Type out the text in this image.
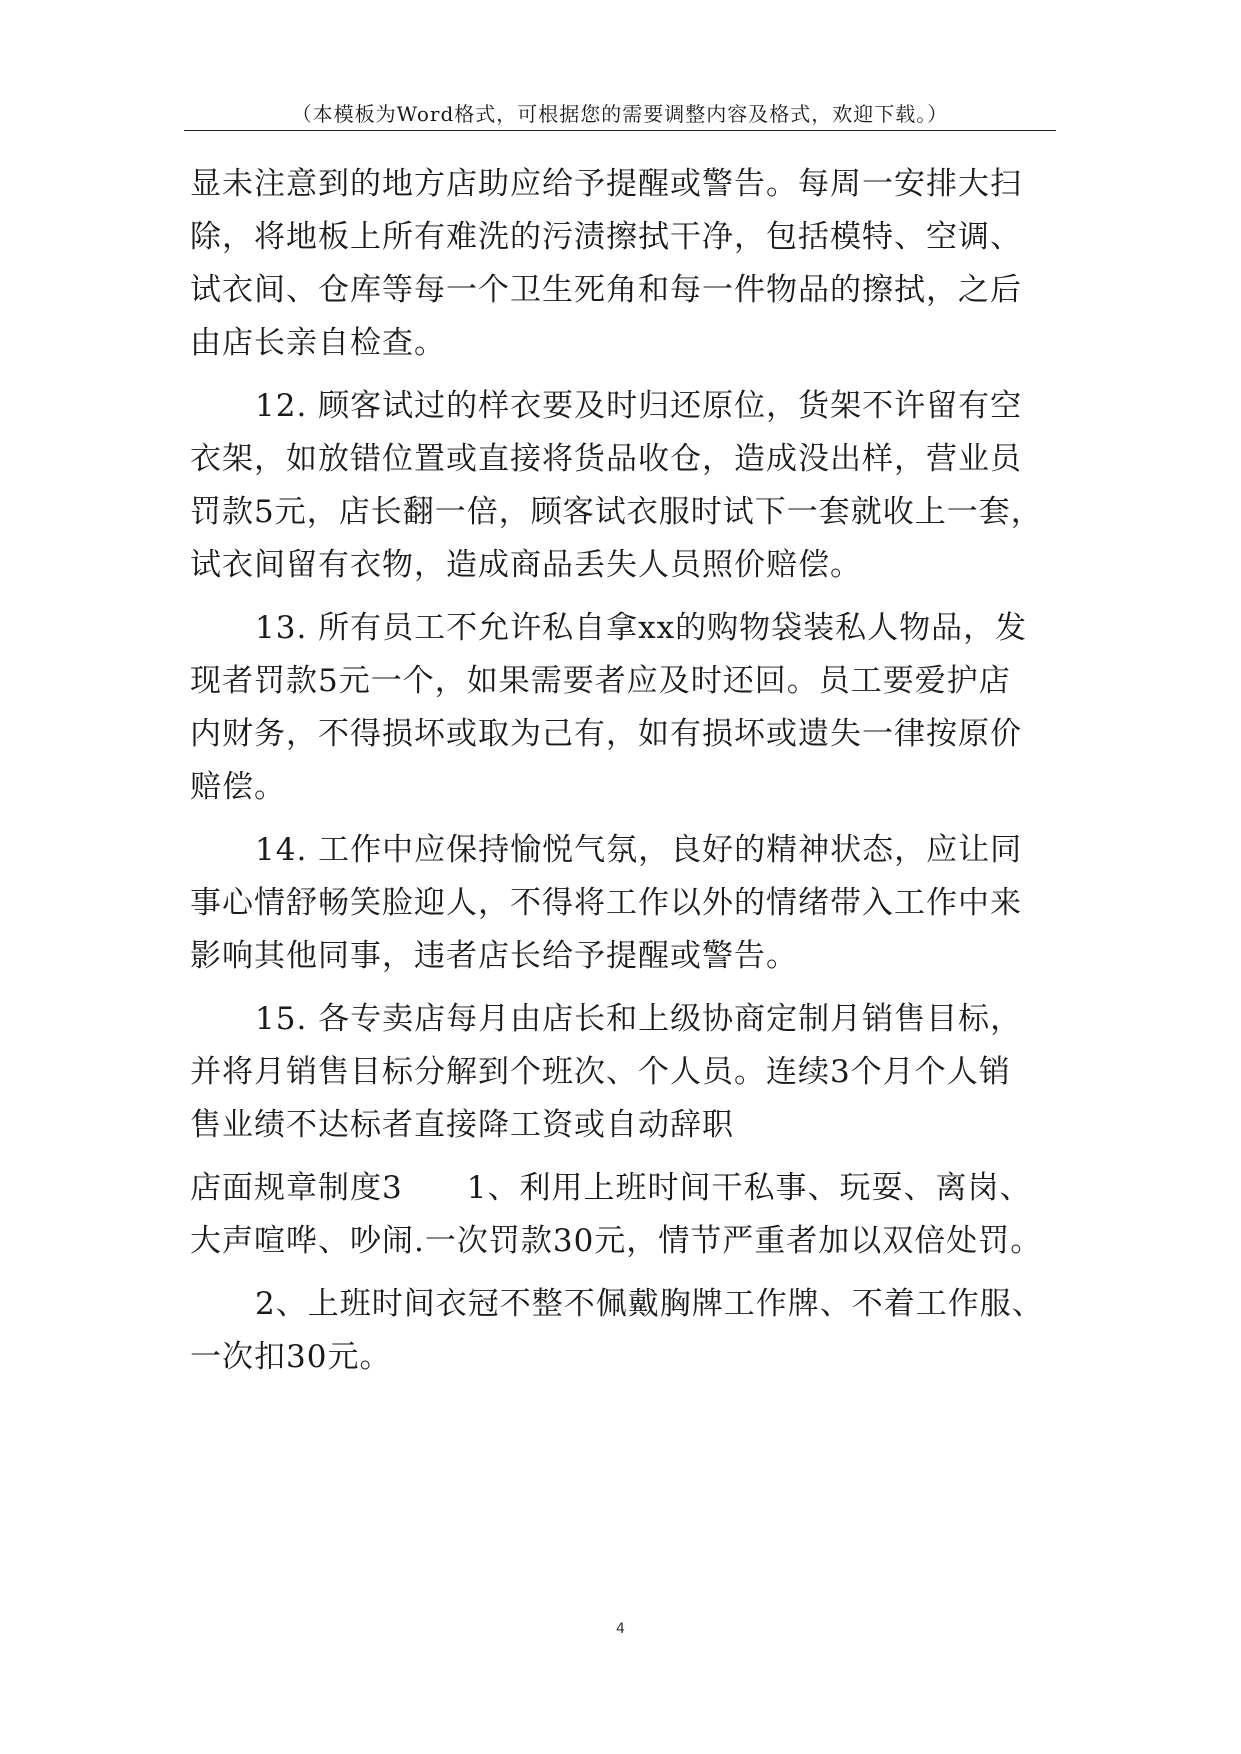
（本模板为Word格式，可根据您的需要调整内容及格式，欢迎下载。）
显未注意到的地方店助应给予提醒或警告。每周一安排大扫
除，将地板上所有难洗的污渍擦拭干净，包括模特、空调、
试衣间、仓库等每一个卫生死角和每一件物品的擦拭，之后
由店长亲自检查。
12. 顾客试过的样衣要及时归还原位，货架不许留有空
衣架，如放错位置或直接将货品收仓，造成没出样，营业员
罚款5元，店长翻一倍，顾客试衣服时试下一套就收上一套，
试衣间留有衣物，造成商品丢失人员照价赔偿。
13. 所有员工不允许私自拿xx的购物袋装私人物品，发
现者罚款5元一个，如果需要者应及时还回。员工要爱护店
内财务，不得损坏或取为己有，如有损坏或遗失一律按原价
赔偿。
14. 工作中应保持愉悦气氛，良好的精神状态，应让同
事心情舒畅笑脸迎人，不得将工作以外的情绪带入工作中来
影响其他同事，违者店长给予提醒或警告。
15. 各专卖店每月由店长和上级协商定制月销售目标，
并将月销售目标分解到个班次、个人员。连续3个月个人销
售业绩不达标者直接降工资或自动辞职
店面规章制度3　　1、利用上班时间干私事、玩耍、离岗、
大声喧哗、吵闹.一次罚款30元，情节严重者加以双倍处罚。
2、上班时间衣冠不整不佩戴胸牌工作牌、不着工作服、
一次扣30元。
4
